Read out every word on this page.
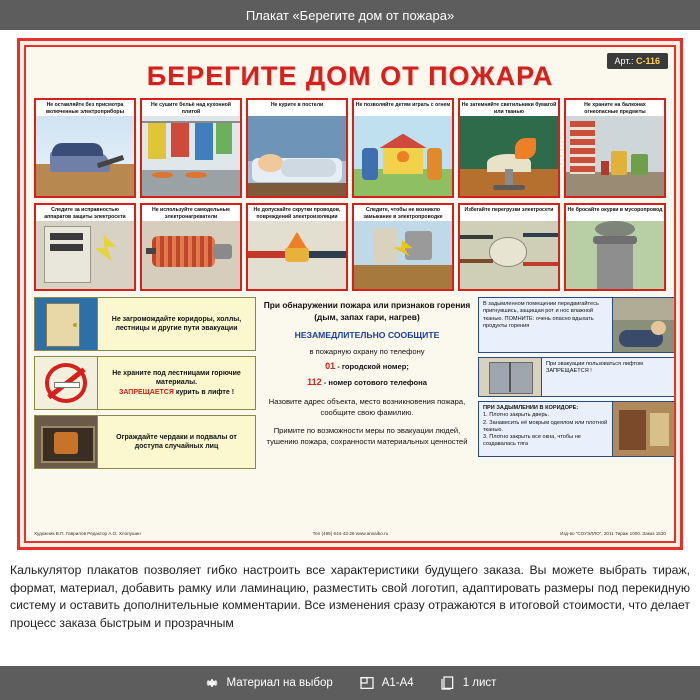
Плакат «Берегите дом от пожара»
Арт.: С-116
БЕРЕГИТЕ ДОМ ОТ ПОЖАРА
Не оставляйте без присмотра включенные электроприборы
Не сушите бельё над кухонной плитой
Не курите в постели	Не позволяйте детям играть с огнем	Не затемняйте светильники бумагой или тканью
Не храните на балконах огнеопасные предметы
Следите за исправностью аппаратов защиты электросети
Не используйте самодельные электронагреватели
Не допускайте скрутки проводов, повреждений электроизоляции
Следите, чтобы не возникло замыкание в электропроводке
Избегайте перегрузки электросети	Не бросайте окурки в мусоропровод
Не загромождайте коридоры, холлы, лестницы и другие пути эвакуации
Не храните под лестницами горючие материалы.
ЗАПРЕЩАЕТСЯ курить в лифте !
Ограждайте чердаки и подвалы от доступа случайных лиц
При обнаружении пожара или признаков горения (дым, запах гари, нагрев)
НЕЗАМЕДЛИТЕЛЬНО СООБЩИТЕ
в пожарную охрану по телефону
01 - городской номер;
112 - номер сотового телефона
Назовите адрес объекта, место возникновения пожара, сообщите свою фамилию.
Примите по возможности меры по эвакуации людей, тушению пожара, сохранности материальных ценностей
В задымленном помещении передвигайтесь пригнувшись, защищая рот и нос влажной тканью. ПОМНИТЕ: очень опасно вдыхать продукты горения
При эвакуации пользоваться лифтом ЗАПРЕЩАЕТСЯ !
ПРИ ЗАДЫМЛЕНИИ В КОРИДОРЕ:
1. Плотно закрыть дверь.
2. Занавесить её мокрым одеялом или плотной тканью.
3. Плотно закрыть все окна, чтобы не создавалась тяга
Художник В.П. Гаврилов Редактор А.О. Хлопушин	Тел (495) 644-43-26 www.ansaibo.ru	Изд-во "СОУЭЛЛО", 2011 Тираж 1000. Заказ 1530
Калькулятор плакатов позволяет гибко настроить все характеристики будущего заказа. Вы можете выбрать тираж, формат, материал, добавить рамку или ламинацию, разместить свой логотип, адаптировать размеры под перекидную систему и оставить дополнительные комментарии. Все изменения сразу отражаются в итоговой стоимости, что делает процесс заказа быстрым и прозрачным
Материал на выбор	А1-А4	1 лист
